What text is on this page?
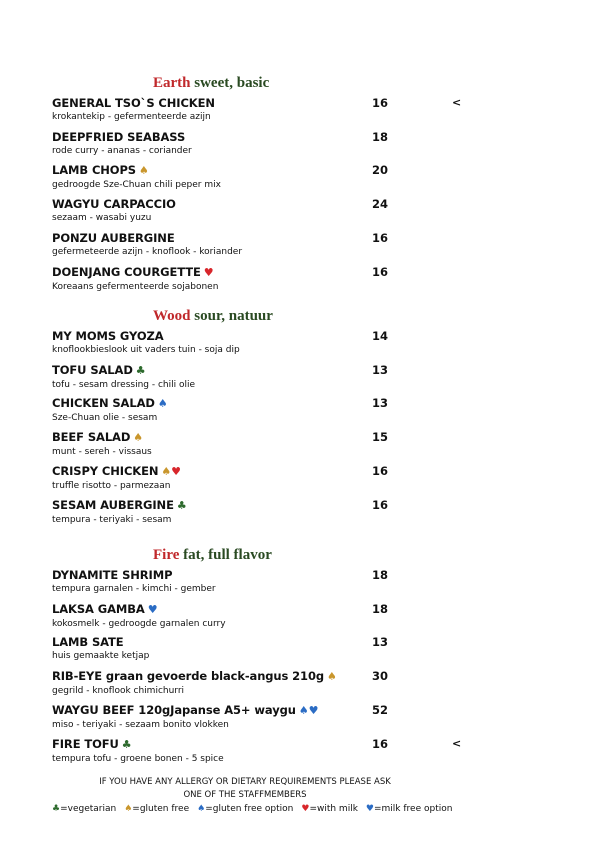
Earth sweet, basic
GENERAL TSO`S CHICKEN
krokantekip - gefermenteerde azijn
16	<
DEEPFRIED SEABASS
rode curry - ananas - coriander
18
LAMB CHOPS ♠
gedroogde Sze-Chuan chili peper mix
20
WAGYU CARPACCIO
sezaam - wasabi yuzu
24
PONZU AUBERGINE
gefermeteerde azijn - knoflook - koriander
16
DOENJANG COURGETTE ♥
Koreaans gefermenteerde sojabonen
16
Wood sour, natuur
MY MOMS GYOZA
knoflookbieslook uit vaders tuin - soja dip
14
TOFU SALAD ♣
tofu - sesam dressing - chili olie
13
CHICKEN SALAD ♠
Sze-Chuan olie - sesam
13
BEEF SALAD ♠
munt - sereh - vissaus
15
CRISPY CHICKEN ♠♥
truffle risotto - parmezaan
16
SESAM AUBERGINE ♣
tempura - teriyaki - sesam
16
Fire fat, full flavor
DYNAMITE SHRIMP
tempura garnalen - kimchi - gember
18
LAKSA GAMBA ♥
kokosmelk - gedroogde garnalen curry
18
LAMB SATE
huis gemaakte ketjap
13
RIB-EYE graan gevoerde black-angus 210g ♠
gegrild - knoflook chimichurri
30
WAYGU BEEF 120gJapanse A5+ waygu ♠♥
miso - teriyaki - sezaam bonito vlokken
52
FIRE TOFU ♣
tempura tofu - groene bonen - 5 spice
16	<
IF YOU HAVE ANY ALLERGY OR DIETARY REQUIREMENTS PLEASE ASK
ONE OF THE STAFFMEMBERS
♣=vegetarian ♠=gluten free ♠=gluten free option ♥=with milk ♥=milk free option
